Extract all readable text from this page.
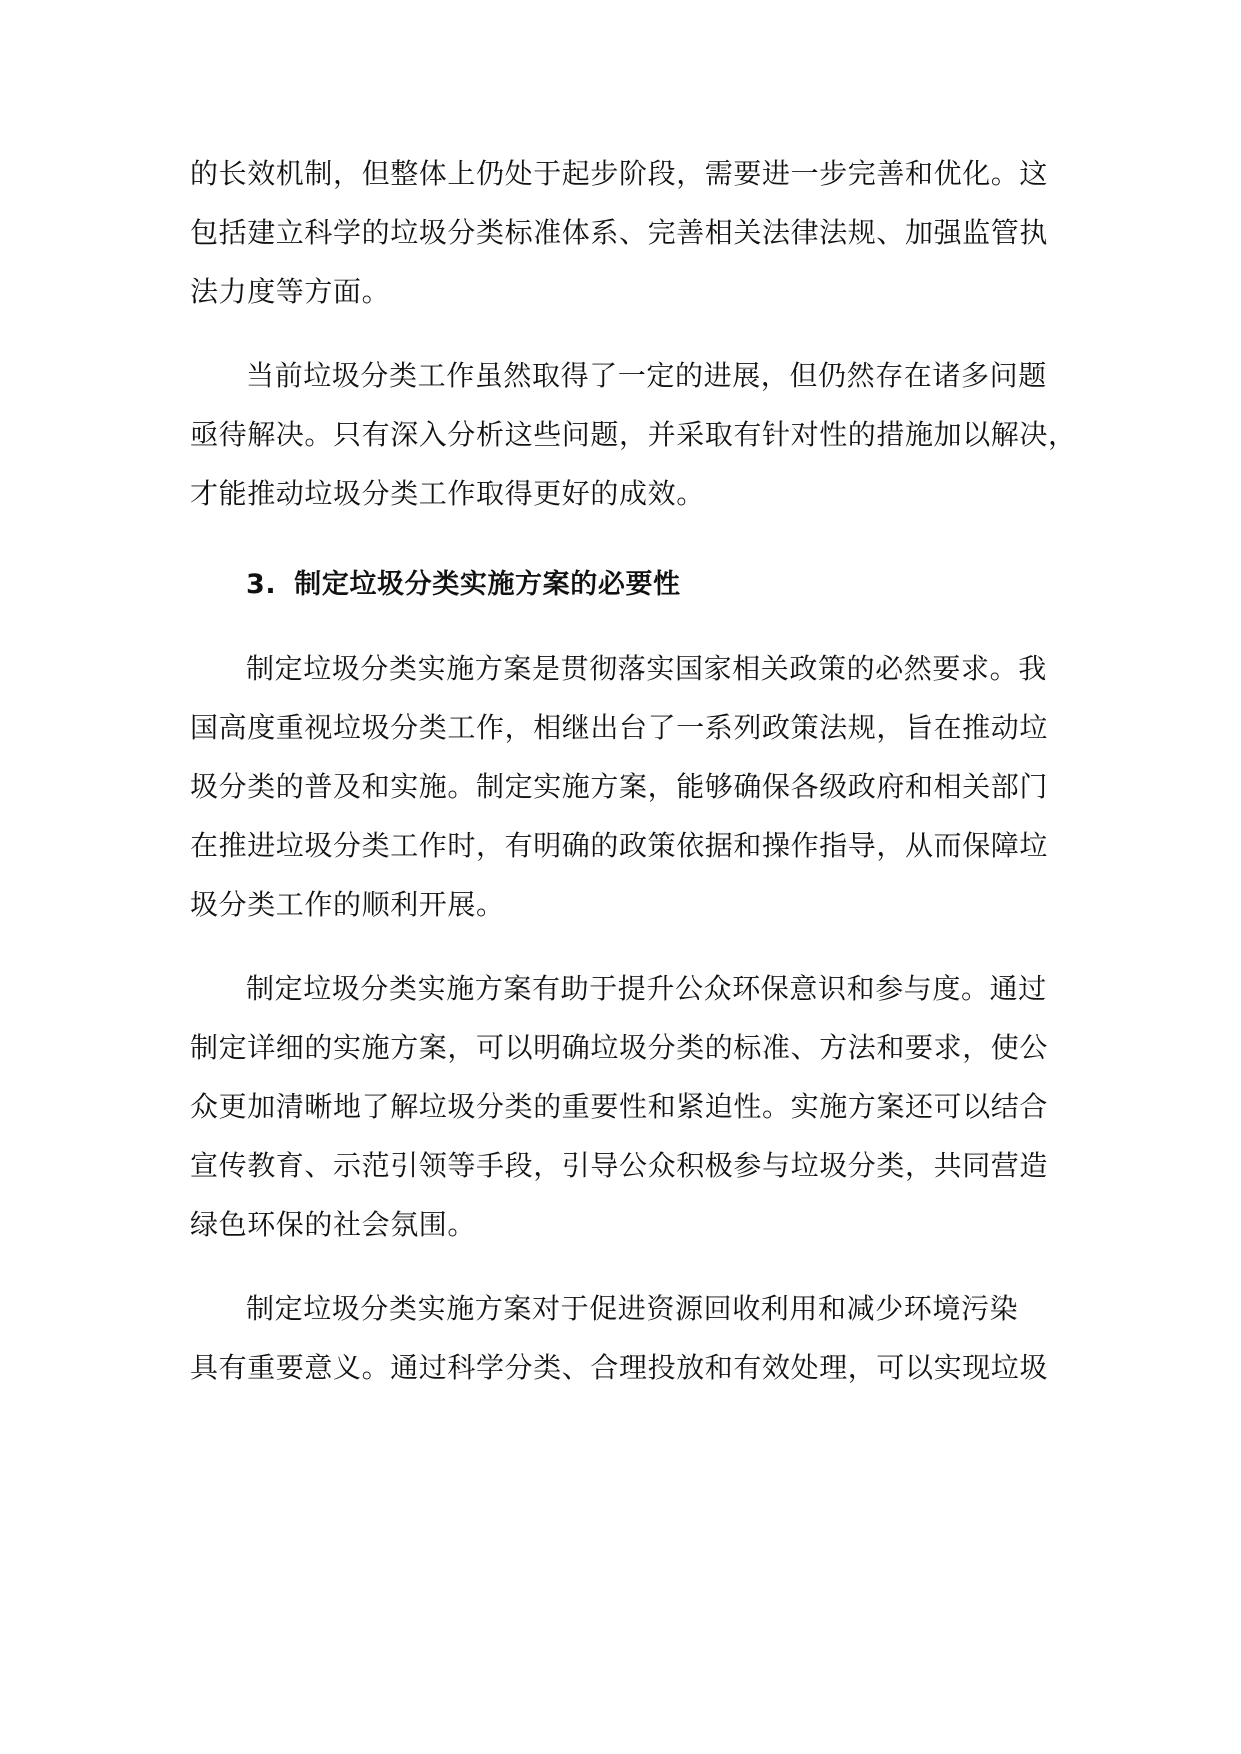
的长效机制，但整体上仍处于起步阶段，需要进一步完善和优化。这
包括建立科学的垃圾分类标准体系、完善相关法律法规、加强监管执
法力度等方面。
当前垃圾分类工作虽然取得了一定的进展，但仍然存在诸多问题
亟待解决。只有深入分析这些问题，并采取有针对性的措施加以解决，
才能推动垃圾分类工作取得更好的成效。
3. 制定垃圾分类实施方案的必要性
制定垃圾分类实施方案是贯彻落实国家相关政策的必然要求。我
国高度重视垃圾分类工作，相继出台了一系列政策法规，旨在推动垃
圾分类的普及和实施。制定实施方案，能够确保各级政府和相关部门
在推进垃圾分类工作时，有明确的政策依据和操作指导，从而保障垃
圾分类工作的顺利开展。
制定垃圾分类实施方案有助于提升公众环保意识和参与度。通过
制定详细的实施方案，可以明确垃圾分类的标准、方法和要求，使公
众更加清晰地了解垃圾分类的重要性和紧迫性。实施方案还可以结合
宣传教育、示范引领等手段，引导公众积极参与垃圾分类，共同营造
绿色环保的社会氛围。
制定垃圾分类实施方案对于促进资源回收利用和减少环境污染
具有重要意义。通过科学分类、合理投放和有效处理，可以实现垃圾
